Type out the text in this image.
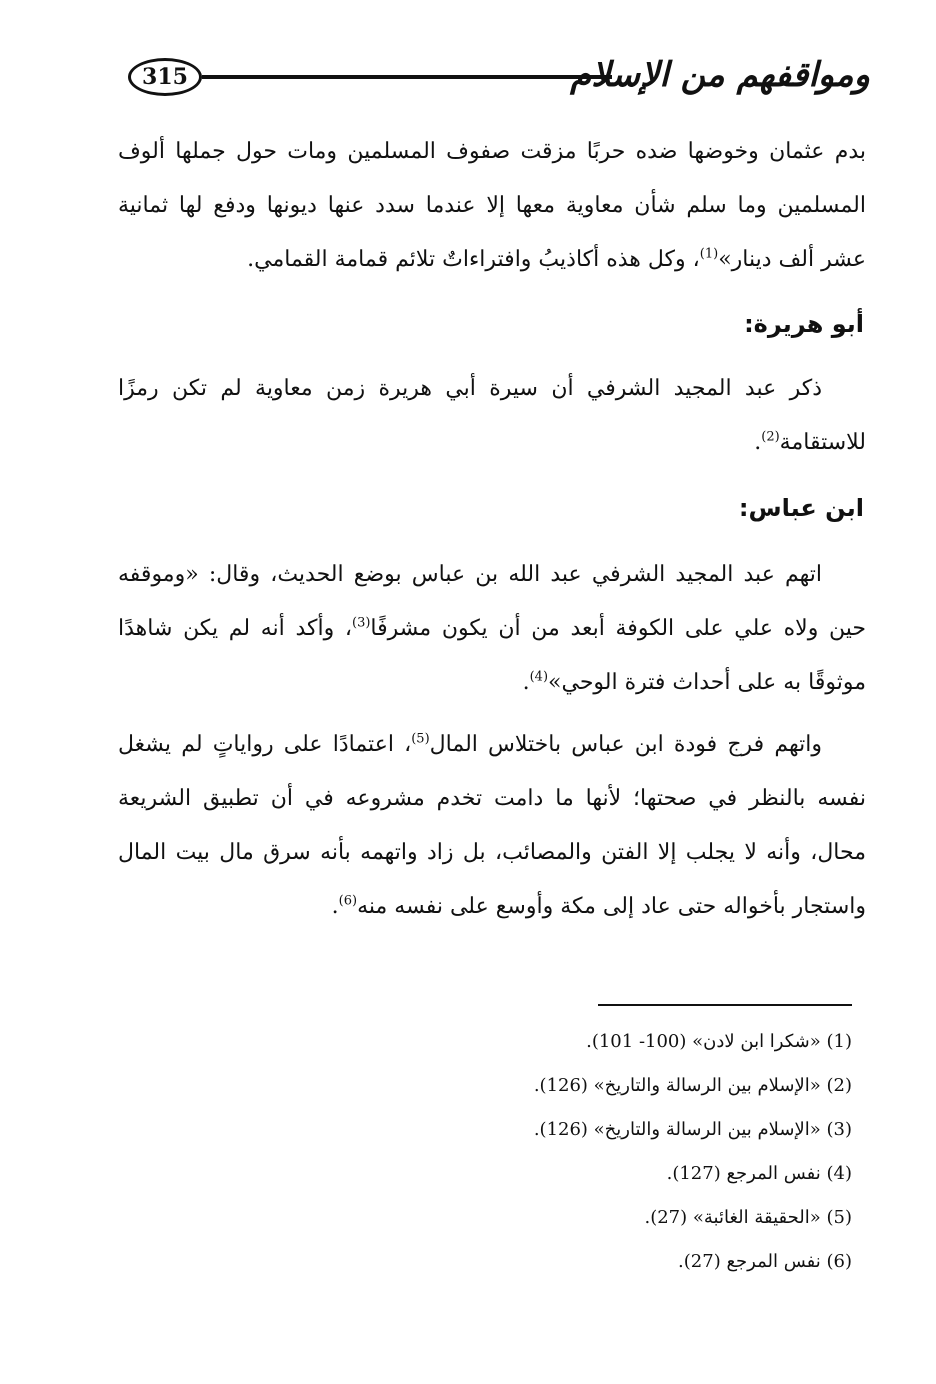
315	ومواقفهم من الإسلام
بدم عثمان وخوضها ضده حربًا مزقت صفوف المسلمين ومات حول جملها ألوف المسلمين وما سلم شأن معاوية معها إلا عندما سدد عنها ديونها ودفع لها ثمانية عشر ألف دينار»$^{(1)}$، وكل هذه أكاذيبُ وافتراءاتٌ تلائم قمامة القمامي.
أبو هريرة:
ذكر عبد المجيد الشرفي أن سيرة أبي هريرة زمن معاوية لم تكن رمزًا للاستقامة$^{(2)}$.
ابن عباس:
اتهم عبد المجيد الشرفي عبد الله بن عباس بوضع الحديث، وقال: «وموقفه حين ولاه علي على الكوفة أبعد من أن يكون مشرفًا$^{(3)}$، وأكد أنه لم يكن شاهدًا موثوقًا به على أحداث فترة الوحي»$^{(4)}$.
واتهم فرج فودة ابن عباس باختلاس المال$^{(5)}$، اعتمادًا على رواياتٍ لم يشغل نفسه بالنظر في صحتها؛ لأنها ما دامت تخدم مشروعه في أن تطبيق الشريعة محال، وأنه لا يجلب إلا الفتن والمصائب، بل زاد واتهمه بأنه سرق مال بيت المال واستجار بأخواله حتى عاد إلى مكة وأوسع على نفسه منه$^{(6)}$.
(1) «شكرا ابن لادن» (100- 101).
(2) «الإسلام بين الرسالة والتاريخ» (126).
(3) «الإسلام بين الرسالة والتاريخ» (126).
(4) نفس المرجع (127).
(5) «الحقيقة الغائبة» (27).
(6) نفس المرجع (27).
